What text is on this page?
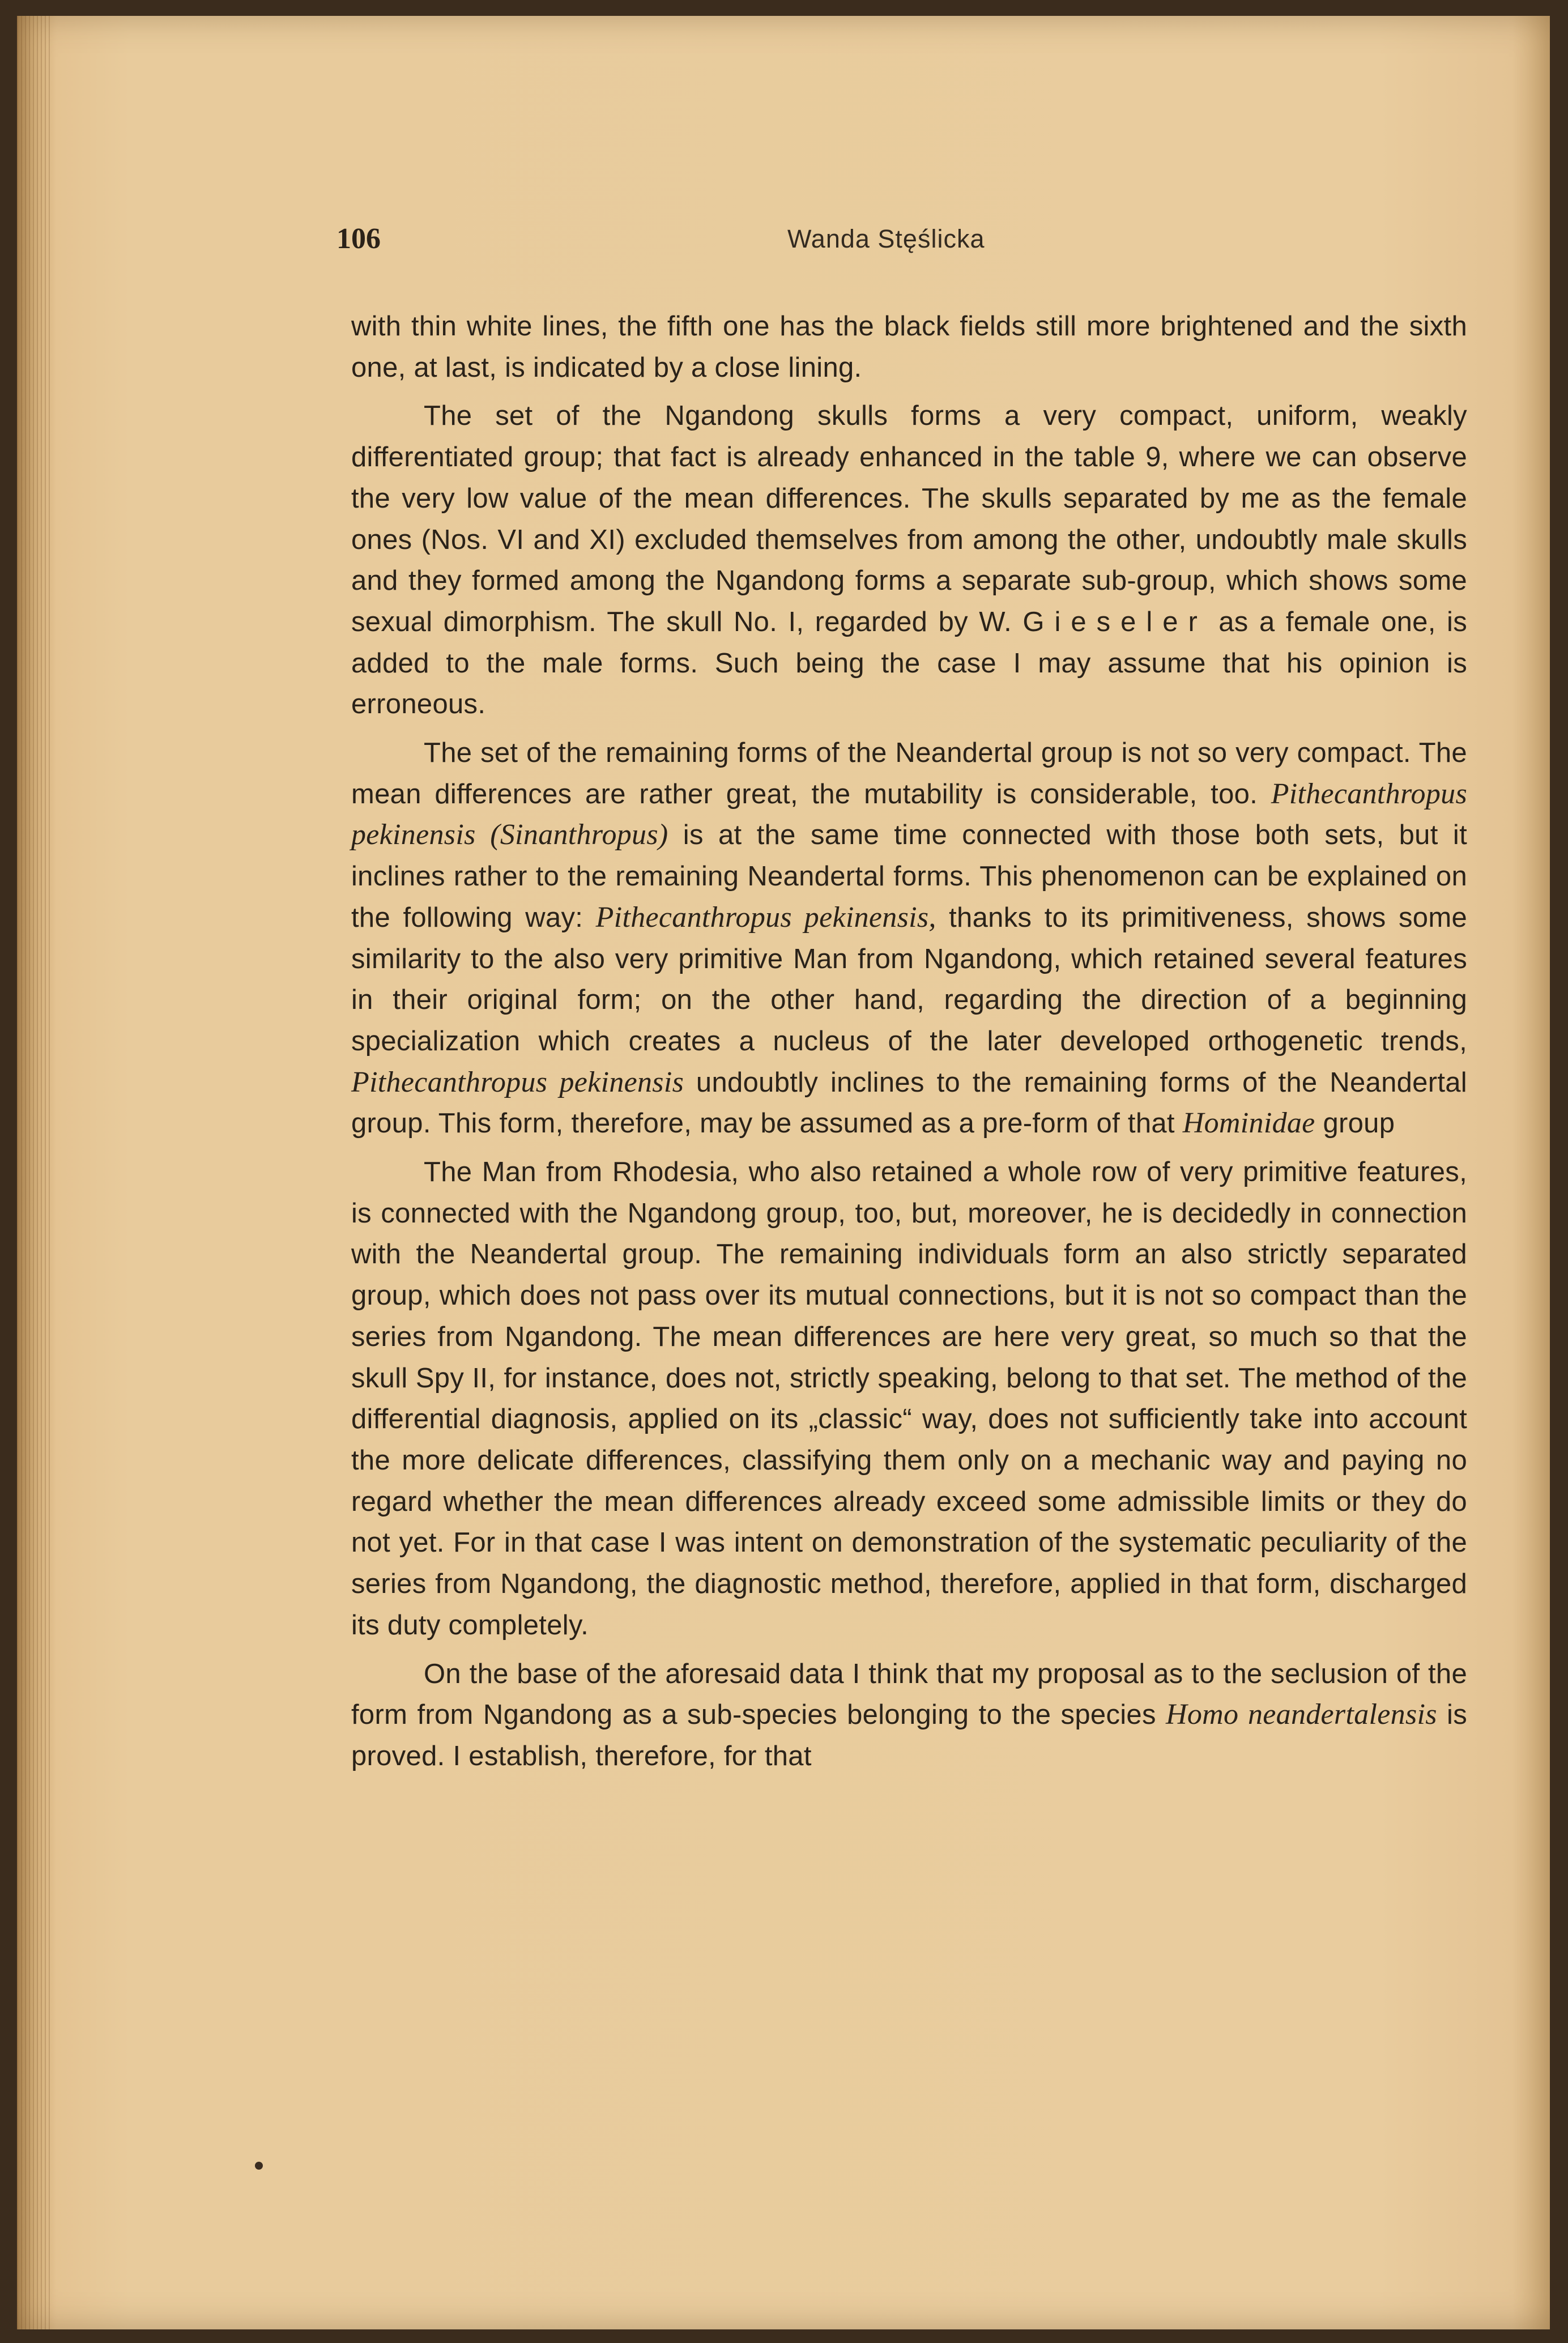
106	Wanda Stęślicka

with thin white lines, the fifth one has the black fields still more brightened and the sixth one, at last, is indicated by a close lining.

The set of the Ngandong skulls forms a very compact, uniform, weakly differentiated group; that fact is already enhanced in the table 9, where we can observe the very low value of the mean differences. The skulls separated by me as the female ones (Nos. VI and XI) excluded themselves from among the other, undoubtly male skulls and they formed among the Ngandong forms a separate sub-group, which shows some sexual dimorphism. The skull No. I, regarded by W. Gieseler as a female one, is added to the male forms. Such being the case I may assume that his opinion is erroneous.

The set of the remaining forms of the Neandertal group is not so very compact. The mean differences are rather great, the mutability is considerable, too. Pithecanthropus pekinensis (Sinanthropus) is at the same time connected with those both sets, but it inclines rather to the remaining Neandertal forms. This phenomenon can be explained on the following way: Pithecanthropus pekinensis, thanks to its primitiveness, shows some similarity to the also very primitive Man from Ngandong, which retained several features in their original form; on the other hand, regarding the direction of a beginning specialization which creates a nucleus of the later developed orthogenetic trends, Pithecanthropus pekinensis undoubtly inclines to the remaining forms of the Neandertal group. This form, therefore, may be assumed as a pre-form of that Hominidae group

The Man from Rhodesia, who also retained a whole row of very primitive features, is connected with the Ngandong group, too, but, moreover, he is decidedly in connection with the Neandertal group. The remaining individuals form an also strictly separated group, which does not pass over its mutual connections, but it is not so compact than the series from Ngandong. The mean differences are here very great, so much so that the skull Spy II, for instance, does not, strictly speaking, belong to that set. The method of the differential diagnosis, applied on its „classic“ way, does not sufficiently take into account the more delicate differences, classifying them only on a mechanic way and paying no regard whether the mean differences already exceed some admissible limits or they do not yet. For in that case I was intent on demonstration of the systematic peculiarity of the series from Ngandong, the diagnostic method, therefore, applied in that form, discharged its duty completely.

On the base of the aforesaid data I think that my proposal as to the seclusion of the form from Ngandong as a sub-species belonging to the species Homo neandertalensis is proved. I establish, therefore, for that
